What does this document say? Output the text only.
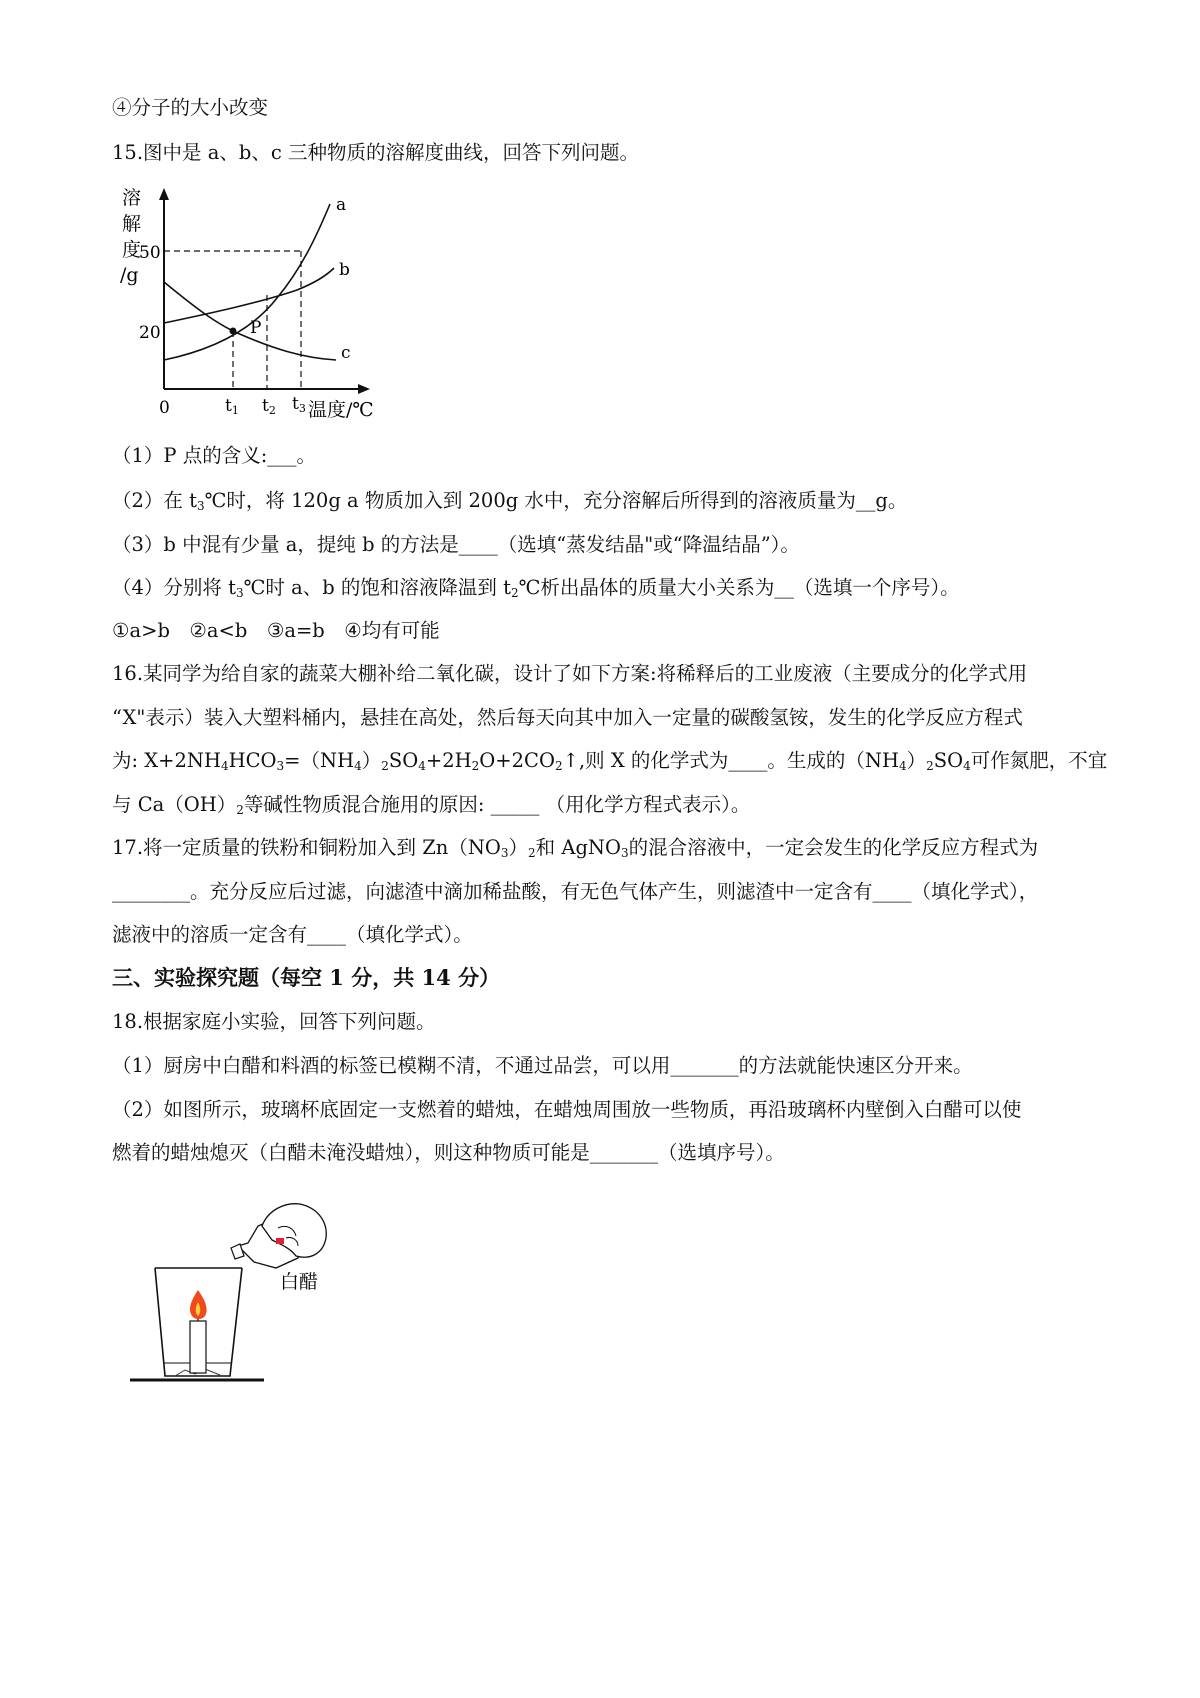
④分子的大小改变
15.图中是 a、b、c 三种物质的溶解度曲线，回答下列问题。
溶
解
度
/g
50
20
0	t1 t2 t3 温度/℃
P
a
b
c
（1）P 点的含义:___。
（2）在 $t_3℃$时，将 120g a 物质加入到 200g 水中，充分溶解后所得到的溶液质量为__g。
（3）b 中混有少量 a，提纯 b 的方法是____（选填“蒸发结晶"或“降温结晶”）。
（4）分别将 $t_3℃$时 a、b 的饱和溶液降温到 $t_2℃$析出晶体的质量大小关系为__（选填一个序号）。
①a>b　②a<b　③a=b　④均有可能
16.某同学为给自家的蔬菜大棚补给二氧化碳，设计了如下方案:将稀释后的工业废液（主要成分的化学式用
“X"表示）装入大塑料桶内，悬挂在高处，然后每天向其中加入一定量的碳酸氢铵，发生的化学反应方程式
为: $X+2NH_4HCO_3=(NH_4)_2SO_4+2H_2O+2CO_2↑$,则 X 的化学式为____。生成的$(NH_4)_2SO_4$可作氮肥，不宜
与 $Ca(OH)_2$等碱性物质混合施用的原因: _____ （用化学方程式表示）。
17.将一定质量的铁粉和铜粉加入到 $Zn(NO_3)_2$和 AgNO$_3$的混合溶液中，一定会发生的化学反应方程式为
________。充分反应后过滤，向滤渣中滴加稀盐酸，有无色气体产生，则滤渣中一定含有____（填化学式），
滤液中的溶质一定含有____（填化学式）。
三、实验探究题（每空 1 分，共 14 分）
18.根据家庭小实验，回答下列问题。
（1）厨房中白醋和料酒的标签已模糊不清，不通过品尝，可以用_______的方法就能快速区分开来。
（2）如图所示，玻璃杯底固定一支燃着的蜡烛，在蜡烛周围放一些物质，再沿玻璃杯内壁倒入白醋可以使
燃着的蜡烛熄灭（白醋未淹没蜡烛），则这种物质可能是_______（选填序号）。
白醋
